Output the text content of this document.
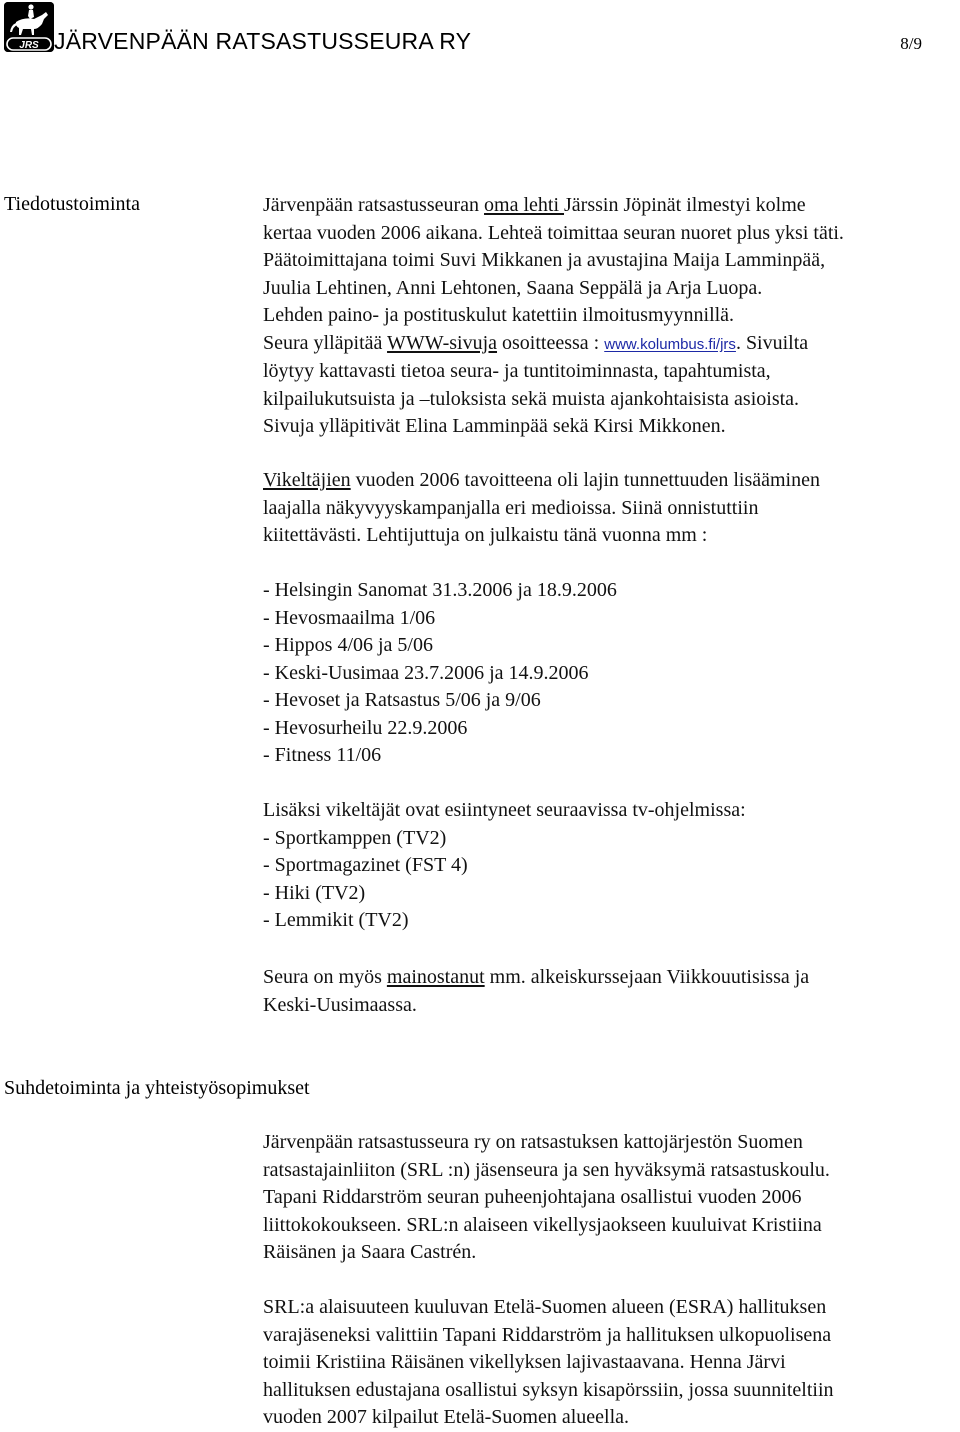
JRS JÄRVENPÄÄN RATSASTUSSEURA RY	8/9
Tiedotustoiminta	Järvenpään ratsastusseuran oma lehti Järssin Jöpinät ilmestyi kolme
kertaa vuoden 2006 aikana. Lehteä toimittaa seuran nuoret plus yksi täti.
Päätoimittajana toimi Suvi Mikkanen ja avustajina Maija Lamminpää,
Juulia Lehtinen, Anni Lehtonen, Saana Seppälä ja Arja Luopa.
Lehden paino- ja postituskulut katettiin ilmoitusmyynnillä.
Seura ylläpitää WWW-sivuja osoitteessa : www.kolumbus.fi/jrs. Sivuilta
löytyy kattavasti tietoa seura- ja tuntitoiminnasta, tapahtumista,
kilpailukutsuista ja –tuloksista sekä muista ajankohtaisista asioista.
Sivuja ylläpitivät Elina Lamminpää sekä Kirsi Mikkonen.
Vikeltäjien vuoden 2006 tavoitteena oli lajin tunnettuuden lisääminen
laajalla näkyvyyskampanjalla eri medioissa. Siinä onnistuttiin
kiitettävästi. Lehtijuttuja on julkaistu tänä vuonna mm :
- Helsingin Sanomat 31.3.2006 ja 18.9.2006
- Hevosmaailma 1/06
- Hippos 4/06 ja 5/06
- Keski-Uusimaa 23.7.2006 ja 14.9.2006
- Hevoset ja Ratsastus 5/06 ja 9/06
- Hevosurheilu 22.9.2006
- Fitness 11/06
Lisäksi vikeltäjät ovat esiintyneet seuraavissa tv-ohjelmissa:
- Sportkamppen (TV2)
- Sportmagazinet (FST 4)
- Hiki (TV2)
- Lemmikit (TV2)
Seura on myös mainostanut mm. alkeiskurssejaan Viikkouutisissa ja
Keski-Uusimaassa.
Suhdetoiminta ja yhteistyösopimukset
Järvenpään ratsastusseura ry on ratsastuksen kattojärjestön Suomen
ratsastajainliiton (SRL :n) jäsenseura ja sen hyväksymä ratsastuskoulu.
Tapani Riddarström seuran puheenjohtajana osallistui vuoden 2006
liittokokoukseen. SRL:n alaiseen vikellysjaokseen kuuluivat Kristiina
Räisänen ja Saara Castrén.
SRL:a alaisuuteen kuuluvan Etelä-Suomen alueen (ESRA) hallituksen
varajäseneksi valittiin Tapani Riddarström ja hallituksen ulkopuolisena
toimii Kristiina Räisänen vikellyksen lajivastaavana. Henna Järvi
hallituksen edustajana osallistui syksyn kisapörssiin, jossa suunniteltiin
vuoden 2007 kilpailut Etelä-Suomen alueella.
